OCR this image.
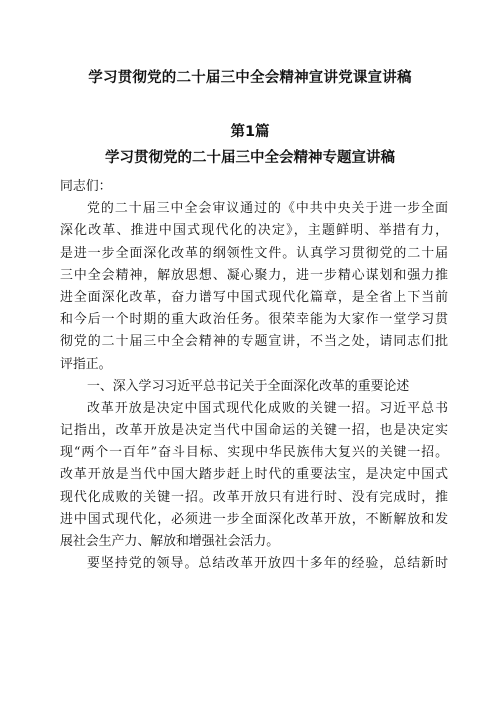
学习贯彻党的二十届三中全会精神宣讲党课宣讲稿
第1篇
学习贯彻党的二十届三中全会精神专题宣讲稿
同志们：
党的二十届三中全会审议通过的《中共中央关于进一步全面
深化改革、推进中国式现代化的决定》，主题鲜明、举措有力，
是进一步全面深化改革的纲领性文件。认真学习贯彻党的二十届
三中全会精神，解放思想、凝心聚力，进一步精心谋划和强力推
进全面深化改革，奋力谱写中国式现代化篇章，是全省上下当前
和今后一个时期的重大政治任务。很荣幸能为大家作一堂学习贯
彻党的二十届三中全会精神的专题宣讲，不当之处，请同志们批
评指正。
一、深入学习习近平总书记关于全面深化改革的重要论述
改革开放是决定中国式现代化成败的关键一招。习近平总书
记指出，改革开放是决定当代中国命运的关键一招，也是决定实
现“两个一百年”奋斗目标、实现中华民族伟大复兴的关键一招。
改革开放是当代中国大踏步赶上时代的重要法宝，是决定中国式
现代化成败的关键一招。改革开放只有进行时、没有完成时，推
进中国式现代化，必须进一步全面深化改革开放，不断解放和发
展社会生产力、解放和增强社会活力。
要坚持党的领导。总结改革开放四十多年的经验，总结新时
